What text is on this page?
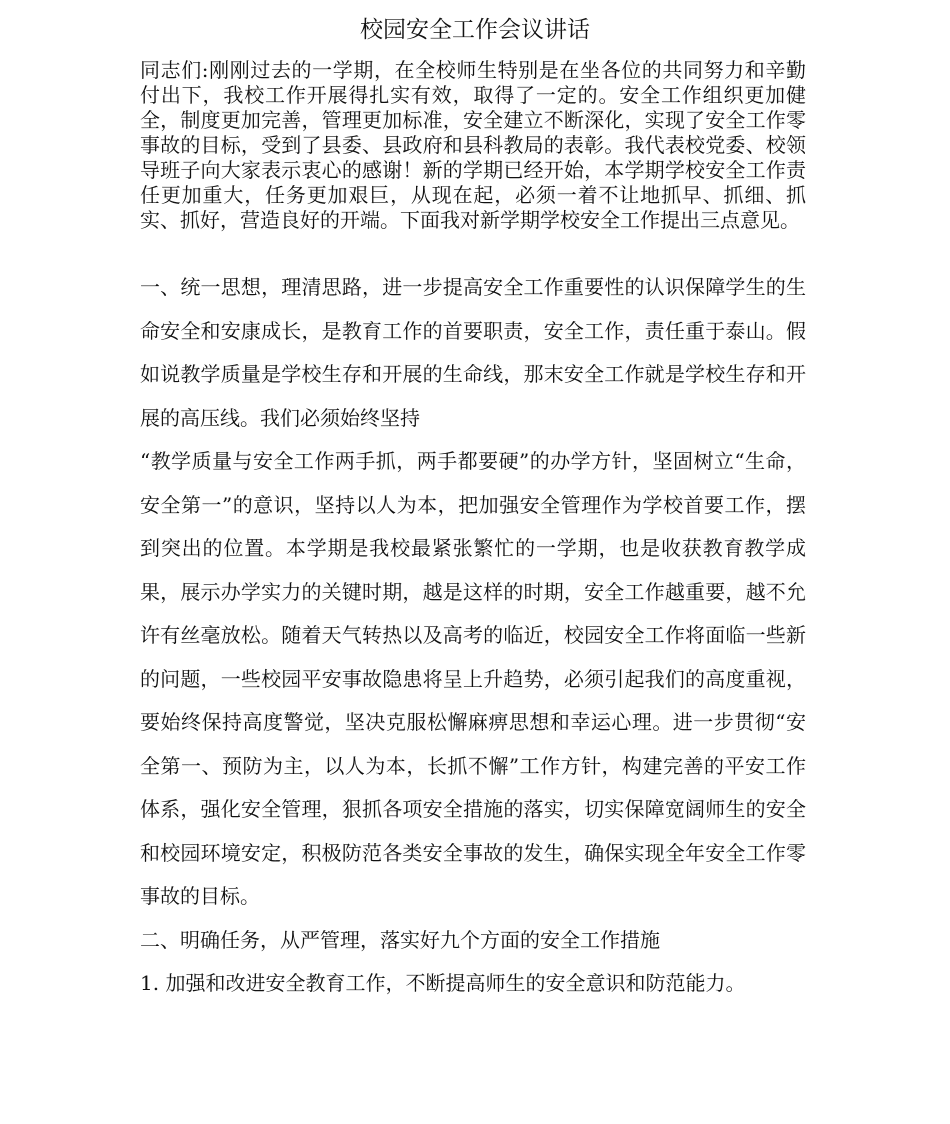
校园安全工作会议讲话

同志们:刚刚过去的一学期，在全校师生特别是在坐各位的共同努力和辛勤付出下，我校工作开展得扎实有效，取得了一定的。安全工作组织更加健全，制度更加完善，管理更加标准，安全建立不断深化，实现了安全工作零事故的目标，受到了县委、县政府和县科教局的表彰。我代表校党委、校领导班子向大家表示衷心的感谢！新的学期已经开始，本学期学校安全工作责任更加重大，任务更加艰巨，从现在起，必须一着不让地抓早、抓细、抓实、抓好，营造良好的开端。下面我对新学期学校安全工作提出三点意见。

一、统一思想，理清思路，进一步提高安全工作重要性的认识保障学生的生命安全和安康成长，是教育工作的首要职责，安全工作，责任重于泰山。假如说教学质量是学校生存和开展的生命线，那末安全工作就是学校生存和开展的高压线。我们必须始终坚持

“教学质量与安全工作两手抓，两手都要硬”的办学方针，坚固树立“生命，安全第一”的意识，坚持以人为本，把加强安全管理作为学校首要工作，摆到突出的位置。本学期是我校最紧张繁忙的一学期，也是收获教育教学成果，展示办学实力的关键时期，越是这样的时期，安全工作越重要，越不允许有丝毫放松。随着天气转热以及高考的临近，校园安全工作将面临一些新的问题，一些校园平安事故隐患将呈上升趋势，必须引起我们的高度重视，要始终保持高度警觉，坚决克服松懈麻痹思想和幸运心理。进一步贯彻“安全第一、预防为主，以人为本，长抓不懈”工作方针，构建完善的平安工作体系，强化安全管理，狠抓各项安全措施的落实，切实保障宽阔师生的安全和校园环境安定，积极防范各类安全事故的发生，确保实现全年安全工作零事故的目标。

二、明确任务，从严管理，落实好九个方面的安全工作措施

1. 加强和改进安全教育工作，不断提高师生的安全意识和防范能力。
